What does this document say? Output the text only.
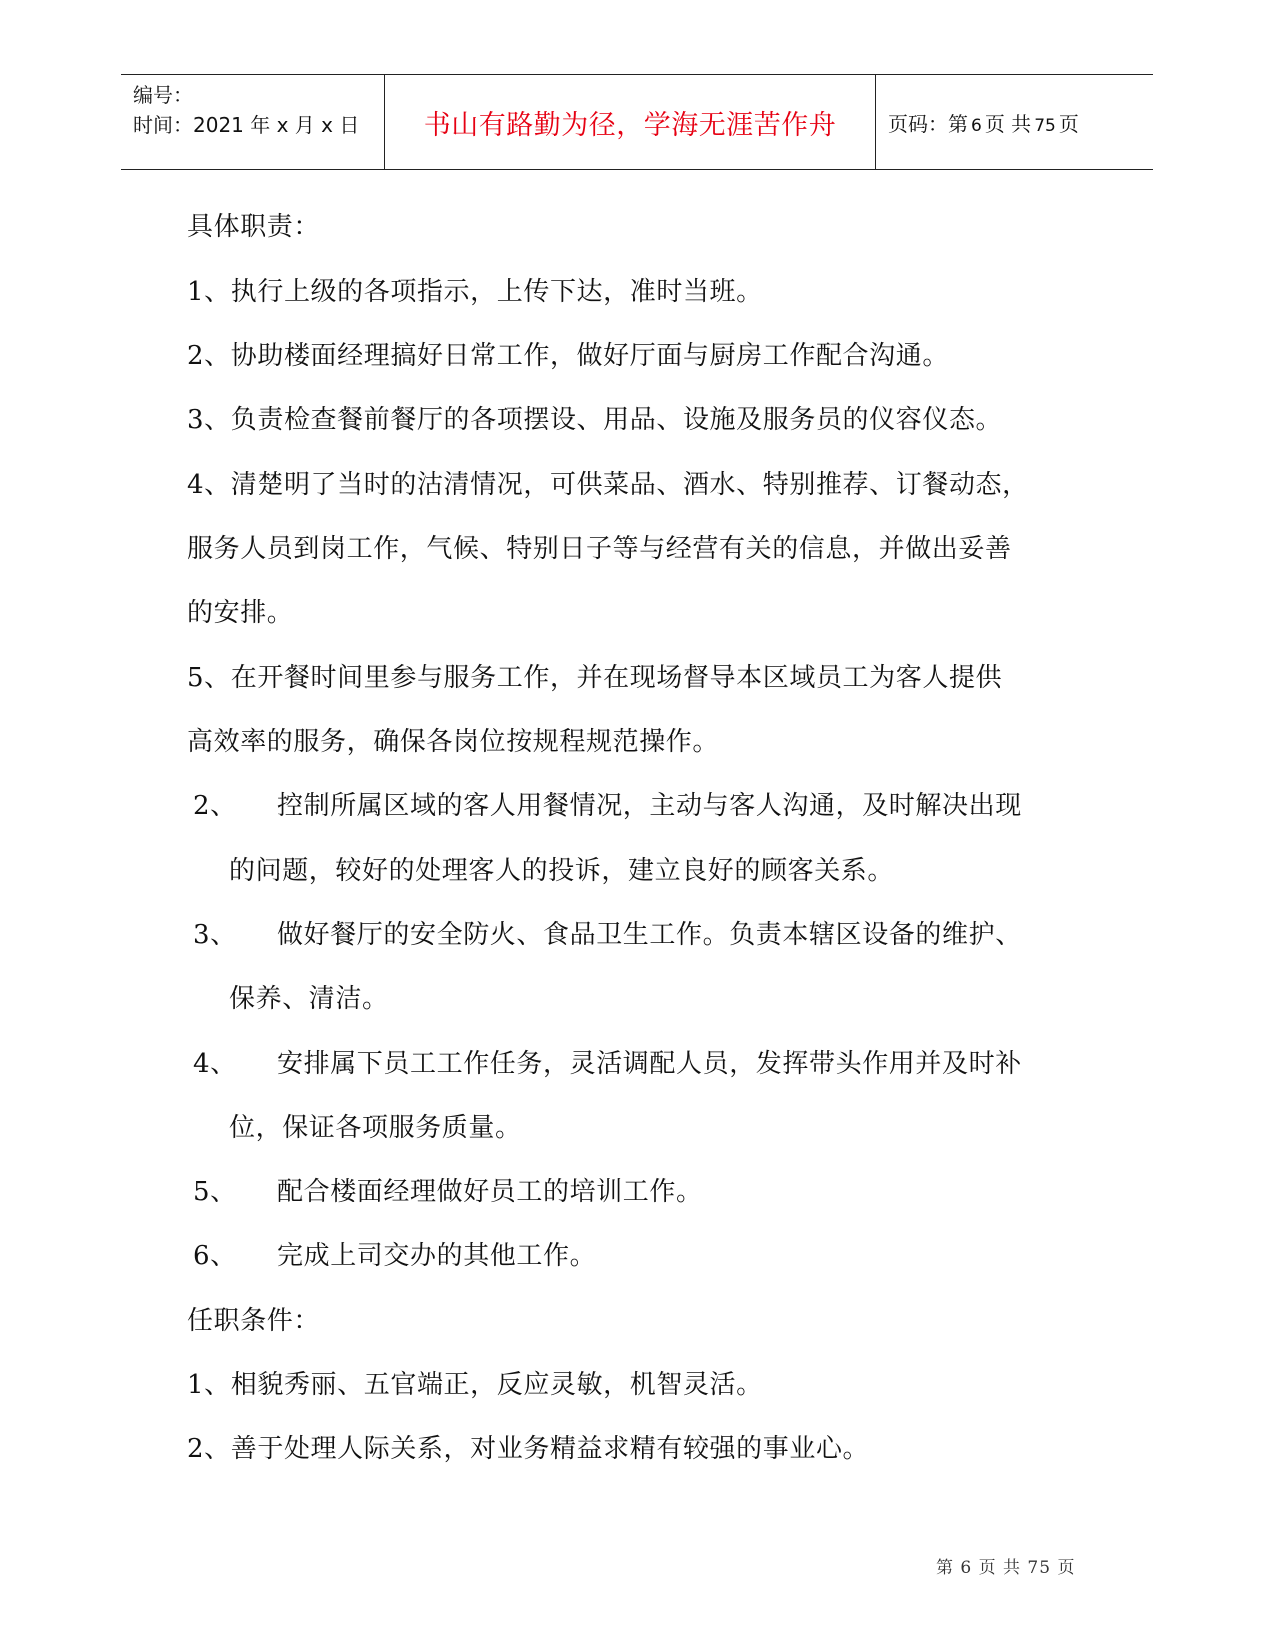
编号：
时间：2021 年 x 月 x 日 书山有路勤为径，学海无涯苦作舟	页码：第 6 页 共 75 页
具体职责：
1、执行上级的各项指示，上传下达，准时当班。
2、协助楼面经理搞好日常工作，做好厅面与厨房工作配合沟通。
3、负责检查餐前餐厅的各项摆设、用品、设施及服务员的仪容仪态。
4、清楚明了当时的沽清情况，可供菜品、酒水、特别推荐、订餐动态，
服务人员到岗工作，气候、特别日子等与经营有关的信息，并做出妥善
的安排。
5、在开餐时间里参与服务工作，并在现场督导本区域员工为客人提供
高效率的服务，确保各岗位按规程规范操作。
2、 控制所属区域的客人用餐情况，主动与客人沟通，及时解决出现
的问题，较好的处理客人的投诉，建立良好的顾客关系。
3、 做好餐厅的安全防火、食品卫生工作。负责本辖区设备的维护、
保养、清洁。
4、 安排属下员工工作任务，灵活调配人员，发挥带头作用并及时补
位，保证各项服务质量。
5、 配合楼面经理做好员工的培训工作。
6、 完成上司交办的其他工作。
任职条件：
1、相貌秀丽、五官端正，反应灵敏，机智灵活。
2、善于处理人际关系，对业务精益求精有较强的事业心。
第 6 页 共 75 页
